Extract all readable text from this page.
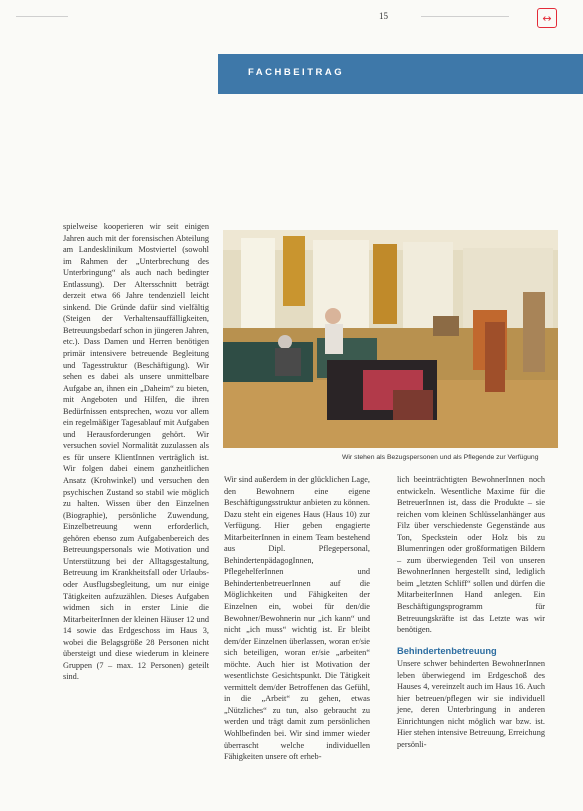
15	↔
FACHBEITRAG

spielweise kooperieren wir seit einigen Jahren auch mit der forensischen Abteilung am Landesklinikum Mostviertel (sowohl im Rahmen der „Unterbrechung des Unterbringung“ als auch nach bedingter Entlassung). Der Altersschnitt beträgt derzeit etwa 66 Jahre tendenziell leicht sinkend. Die Gründe dafür sind vielfältig (Steigen der Verhaltensauffälligkeiten, Betreuungsbedarf schon in jüngeren Jahren, etc.). Dass Damen und Herren benötigen primär intensivere betreuende Begleitung und Tagesstruktur (Beschäftigung). Wir sehen es dabei als unsere unmittelbare Aufgabe an, ihnen ein „Daheim“ zu bieten, mit Angeboten und Hilfen, die ihren Bedürfnissen entsprechen, wozu vor allem ein regelmäßiger Tagesablauf mit Aufgaben und Herausforderungen gehört. Wir versuchen soviel Normalität zuzulassen als es für unsere KlientInnen verträglich ist. Wir folgen dabei einem ganzheitlichen Ansatz (Krohwinkel) und versuchen den psychischen Zustand so stabil wie möglich zu halten. Wissen über den Einzelnen (Biographie), persönliche Zuwendung, Einzelbetreuung wenn erforderlich, gehören ebenso zum Aufgabenbereich des Betreuungspersonals wie Motivation und Unterstützung bei der Alltagsgestaltung, Betreuung im Krankheitsfall oder Urlaubs- oder Ausflugsbegleitung, um nur einige Tätigkeiten aufzuzählen. Dieses Aufgaben widmen sich in erster Linie die MitarbeiterInnen der kleinen Häuser 12 und 14 sowie das Erdgeschoss im Haus 3, wobei die Belagsgröße 28 Personen nicht übersteigt und diese wiederum in kleinere Gruppen (7 – max. 12 Personen) geteilt sind.

Wir stehen als Bezugspersonen und als Pflegende zur Verfügung

Wir sind außerdem in der glücklichen Lage, den Bewohnern eine eigene Beschäftigungsstruktur anbieten zu können. Dazu steht ein eigenes Haus (Haus 10) zur Verfügung. Hier geben engagierte MitarbeiterInnen in einem Team bestehend aus Dipl. Pflegepersonal, BehindertenpädagogInnen, PflegehelferInnen und BehindertenbetreuerInnen auf die Möglichkeiten und Fähigkeiten der Einzelnen ein, wobei für den/die Bewohner/Bewohnerin nur „ich kann“ und nicht „ich muss“ wichtig ist. Er bleibt dem/der Einzelnen überlassen, woran er/sie sich beteiligen, woran er/sie „arbeiten“ möchte. Auch hier ist Motivation der wesentlichste Gesichtspunkt. Die Tätigkeit vermittelt dem/der Betroffenen das Gefühl, in die „Arbeit“ zu gehen, etwas „Nützliches“ zu tun, also gebraucht zu werden und trägt damit zum persönlichen Wohlbefinden bei. Wir sind immer wieder überrascht welche individuellen Fähigkeiten unsere oft erheb-

lich beeinträchtigten BewohnerInnen noch entwickeln. Wesentliche Maxime für die BetreuerInnen ist, dass die Produkte – sie reichen vom kleinen Schlüsselanhänger aus Filz über verschiedenste Gegenstände aus Ton, Speckstein oder Holz bis zu Blumenringen oder großformatigen Bildern – zum überwiegenden Teil von unseren BewohnerInnen hergestellt sind, lediglich beim „letzten Schliff“ sollen und dürfen die MitarbeiterInnen Hand anlegen. Ein Beschäftigungsprogramm für Betreuungskräfte ist das Letzte was wir benötigen.

Behindertenbetreuung

Unsere schwer behinderten BewohnerInnen leben überwiegend im Erdgeschoß des Hauses 4, vereinzelt auch im Haus 16. Auch hier betreuen/pflegen wir sie individuell jene, deren Unterbringung in anderen Einrichtungen nicht möglich war bzw. ist. Hier stehen intensive Betreuung, Erreichung persönli-
